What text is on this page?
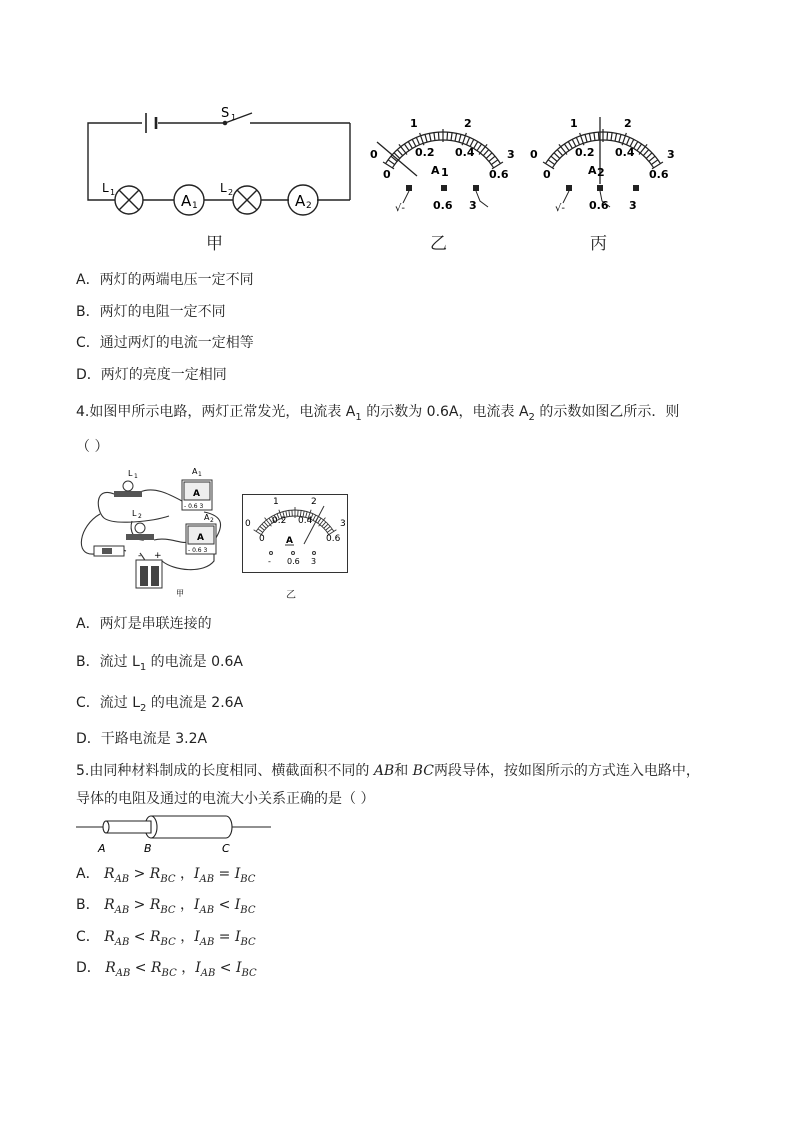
S 1
L 1	L 2
A 1	A 2
0
1	2
3
0
0.2 0.4
0.6
A 1
√-	0.6 3
0
1	2
3
0
0.2 0.4
0.6
A 2
√- 0.6 3
甲	乙	丙
A．两灯的两端电压一定不同
B．两灯的电阻一定不同
C．通过两灯的电流一定相等
D．两灯的亮度一定相同
4.如图甲所示电路，两灯正常发光，电流表 $A_1$ 的示数为 0.6A，电流表 $A_2$ 的示数如图乙所示．则
（ ）
L 1
L 2
A
- 0.6 3
A 1
A
- 0.6 3
A 2
+
-
甲
0
1	2
3
0
0.2 0.4
0.6
A
- 0.6 3
乙
A．两灯是串联连接的
B．流过 $L_1$ 的电流是 0.6A
C．流过 $L_2$ 的电流是 2.6A
D．干路电流是 3.2A
5.由同种材料制成的长度相同、横截面积不同的 AB和 BC两段导体，按如图所示的方式连入电路中，
导体的电阻及通过的电流大小关系正确的是（ ）
A	B	C
A． $R_{AB} > R_{BC}$ ，$I_{AB} = I_{BC}$
B． $R_{AB} > R_{BC}$ ，$I_{AB} < I_{BC}$
C． $R_{AB} < R_{BC}$ ，$I_{AB} = I_{BC}$
D． $R_{AB} < R_{BC}$ ，$I_{AB} < I_{BC}$
